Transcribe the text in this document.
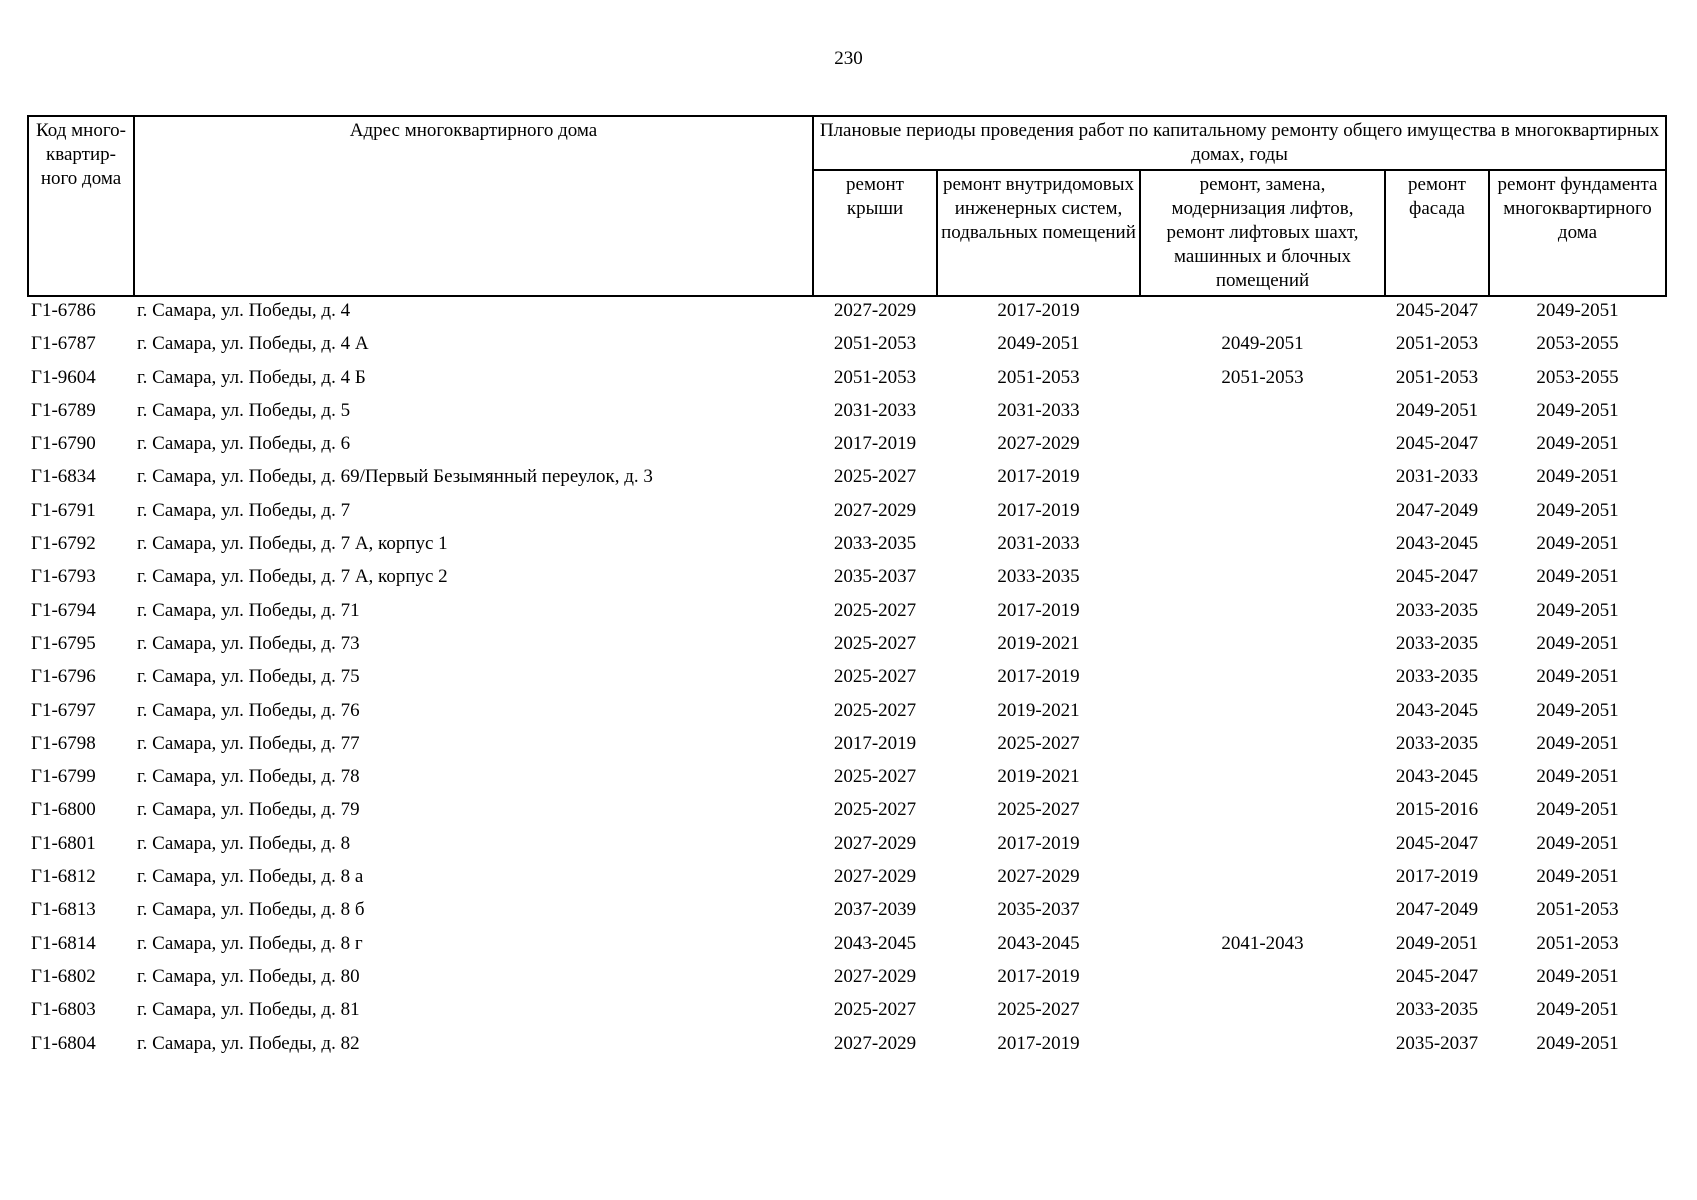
230
Код много-квартир-ного дома	Адрес многоквартирного дома	Плановые периоды проведения работ по капитальному ремонту общего имущества в многоквартирных домах, годы				
		ремонт крыши	ремонт внутридомовых инженерных систем, подвальных помещений	ремонт, замена, модернизация лифтов, ремонт лифтовых шахт, машинных и блочных помещений	ремонт фасада	ремонт фундамента многоквартирного дома
Г1-6786	г. Самара, ул. Победы, д. 4	2027-2029	2017-2019		2045-2047	2049-2051
Г1-6787	г. Самара, ул. Победы, д. 4 А	2051-2053	2049-2051	2049-2051	2051-2053	2053-2055
Г1-9604	г. Самара, ул. Победы, д. 4 Б	2051-2053	2051-2053	2051-2053	2051-2053	2053-2055
Г1-6789	г. Самара, ул. Победы, д. 5	2031-2033	2031-2033		2049-2051	2049-2051
Г1-6790	г. Самара, ул. Победы, д. 6	2017-2019	2027-2029		2045-2047	2049-2051
Г1-6834	г. Самара, ул. Победы, д. 69/Первый Безымянный переулок, д. 3	2025-2027	2017-2019		2031-2033	2049-2051
Г1-6791	г. Самара, ул. Победы, д. 7	2027-2029	2017-2019		2047-2049	2049-2051
Г1-6792	г. Самара, ул. Победы, д. 7 А, корпус 1	2033-2035	2031-2033		2043-2045	2049-2051
Г1-6793	г. Самара, ул. Победы, д. 7 А, корпус 2	2035-2037	2033-2035		2045-2047	2049-2051
Г1-6794	г. Самара, ул. Победы, д. 71	2025-2027	2017-2019		2033-2035	2049-2051
Г1-6795	г. Самара, ул. Победы, д. 73	2025-2027	2019-2021		2033-2035	2049-2051
Г1-6796	г. Самара, ул. Победы, д. 75	2025-2027	2017-2019		2033-2035	2049-2051
Г1-6797	г. Самара, ул. Победы, д. 76	2025-2027	2019-2021		2043-2045	2049-2051
Г1-6798	г. Самара, ул. Победы, д. 77	2017-2019	2025-2027		2033-2035	2049-2051
Г1-6799	г. Самара, ул. Победы, д. 78	2025-2027	2019-2021		2043-2045	2049-2051
Г1-6800	г. Самара, ул. Победы, д. 79	2025-2027	2025-2027		2015-2016	2049-2051
Г1-6801	г. Самара, ул. Победы, д. 8	2027-2029	2017-2019		2045-2047	2049-2051
Г1-6812	г. Самара, ул. Победы, д. 8 а	2027-2029	2027-2029		2017-2019	2049-2051
Г1-6813	г. Самара, ул. Победы, д. 8 б	2037-2039	2035-2037		2047-2049	2051-2053
Г1-6814	г. Самара, ул. Победы, д. 8 г	2043-2045	2043-2045	2041-2043	2049-2051	2051-2053
Г1-6802	г. Самара, ул. Победы, д. 80	2027-2029	2017-2019		2045-2047	2049-2051
Г1-6803	г. Самара, ул. Победы, д. 81	2025-2027	2025-2027		2033-2035	2049-2051
Г1-6804	г. Самара, ул. Победы, д. 82	2027-2029	2017-2019		2035-2037	2049-2051
